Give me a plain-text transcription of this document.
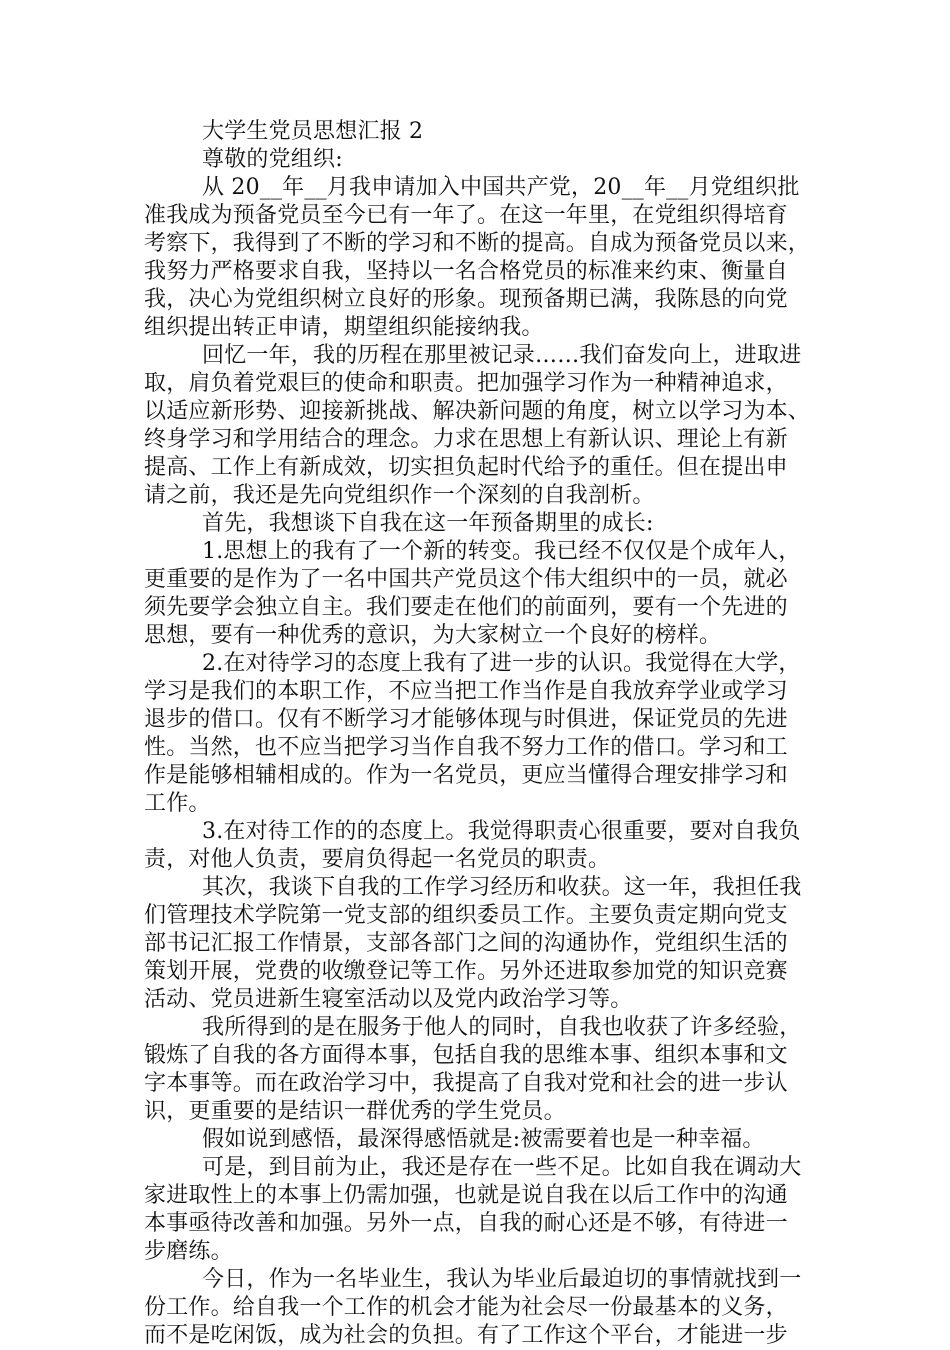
大学生党员思想汇报 2
尊敬的党组织:
从 20__年__月我申请加入中国共产党，20__年__月党组织批
准我成为预备党员至今已有一年了。在这一年里，在党组织得培育
考察下，我得到了不断的学习和不断的提高。自成为预备党员以来，
我努力严格要求自我，坚持以一名合格党员的标准来约束、衡量自
我，决心为党组织树立良好的形象。现预备期已满，我陈恳的向党
组织提出转正申请，期望组织能接纳我。
回忆一年，我的历程在那里被记录……我们奋发向上，进取进
取，肩负着党艰巨的使命和职责。把加强学习作为一种精神追求，
以适应新形势、迎接新挑战、解决新问题的角度，树立以学习为本、
终身学习和学用结合的理念。力求在思想上有新认识、理论上有新
提高、工作上有新成效，切实担负起时代给予的重任。但在提出申
请之前，我还是先向党组织作一个深刻的自我剖析。
首先，我想谈下自我在这一年预备期里的成长:
1.思想上的我有了一个新的转变。我已经不仅仅是个成年人，
更重要的是作为了一名中国共产党员这个伟大组织中的一员，就必
须先要学会独立自主。我们要走在他们的前面列，要有一个先进的
思想，要有一种优秀的意识，为大家树立一个良好的榜样。
2.在对待学习的态度上我有了进一步的认识。我觉得在大学，
学习是我们的本职工作，不应当把工作当作是自我放弃学业或学习
退步的借口。仅有不断学习才能够体现与时俱进，保证党员的先进
性。当然，也不应当把学习当作自我不努力工作的借口。学习和工
作是能够相辅相成的。作为一名党员，更应当懂得合理安排学习和
工作。
3.在对待工作的的态度上。我觉得职责心很重要，要对自我负
责，对他人负责，要肩负得起一名党员的职责。
其次，我谈下自我的工作学习经历和收获。这一年，我担任我
们管理技术学院第一党支部的组织委员工作。主要负责定期向党支
部书记汇报工作情景，支部各部门之间的沟通协作，党组织生活的
策划开展，党费的收缴登记等工作。另外还进取参加党的知识竞赛
活动、党员进新生寝室活动以及党内政治学习等。
我所得到的是在服务于他人的同时，自我也收获了许多经验，
锻炼了自我的各方面得本事，包括自我的思维本事、组织本事和文
字本事等。而在政治学习中，我提高了自我对党和社会的进一步认
识，更重要的是结识一群优秀的学生党员。
假如说到感悟，最深得感悟就是:被需要着也是一种幸福。
可是，到目前为止，我还是存在一些不足。比如自我在调动大
家进取性上的本事上仍需加强，也就是说自我在以后工作中的沟通
本事亟待改善和加强。另外一点，自我的耐心还是不够，有待进一
步磨练。
今日，作为一名毕业生，我认为毕业后最迫切的事情就找到一
份工作。给自我一个工作的机会才能为社会尽一份最基本的义务，
而不是吃闲饭，成为社会的负担。有了工作这个平台，才能进一步
